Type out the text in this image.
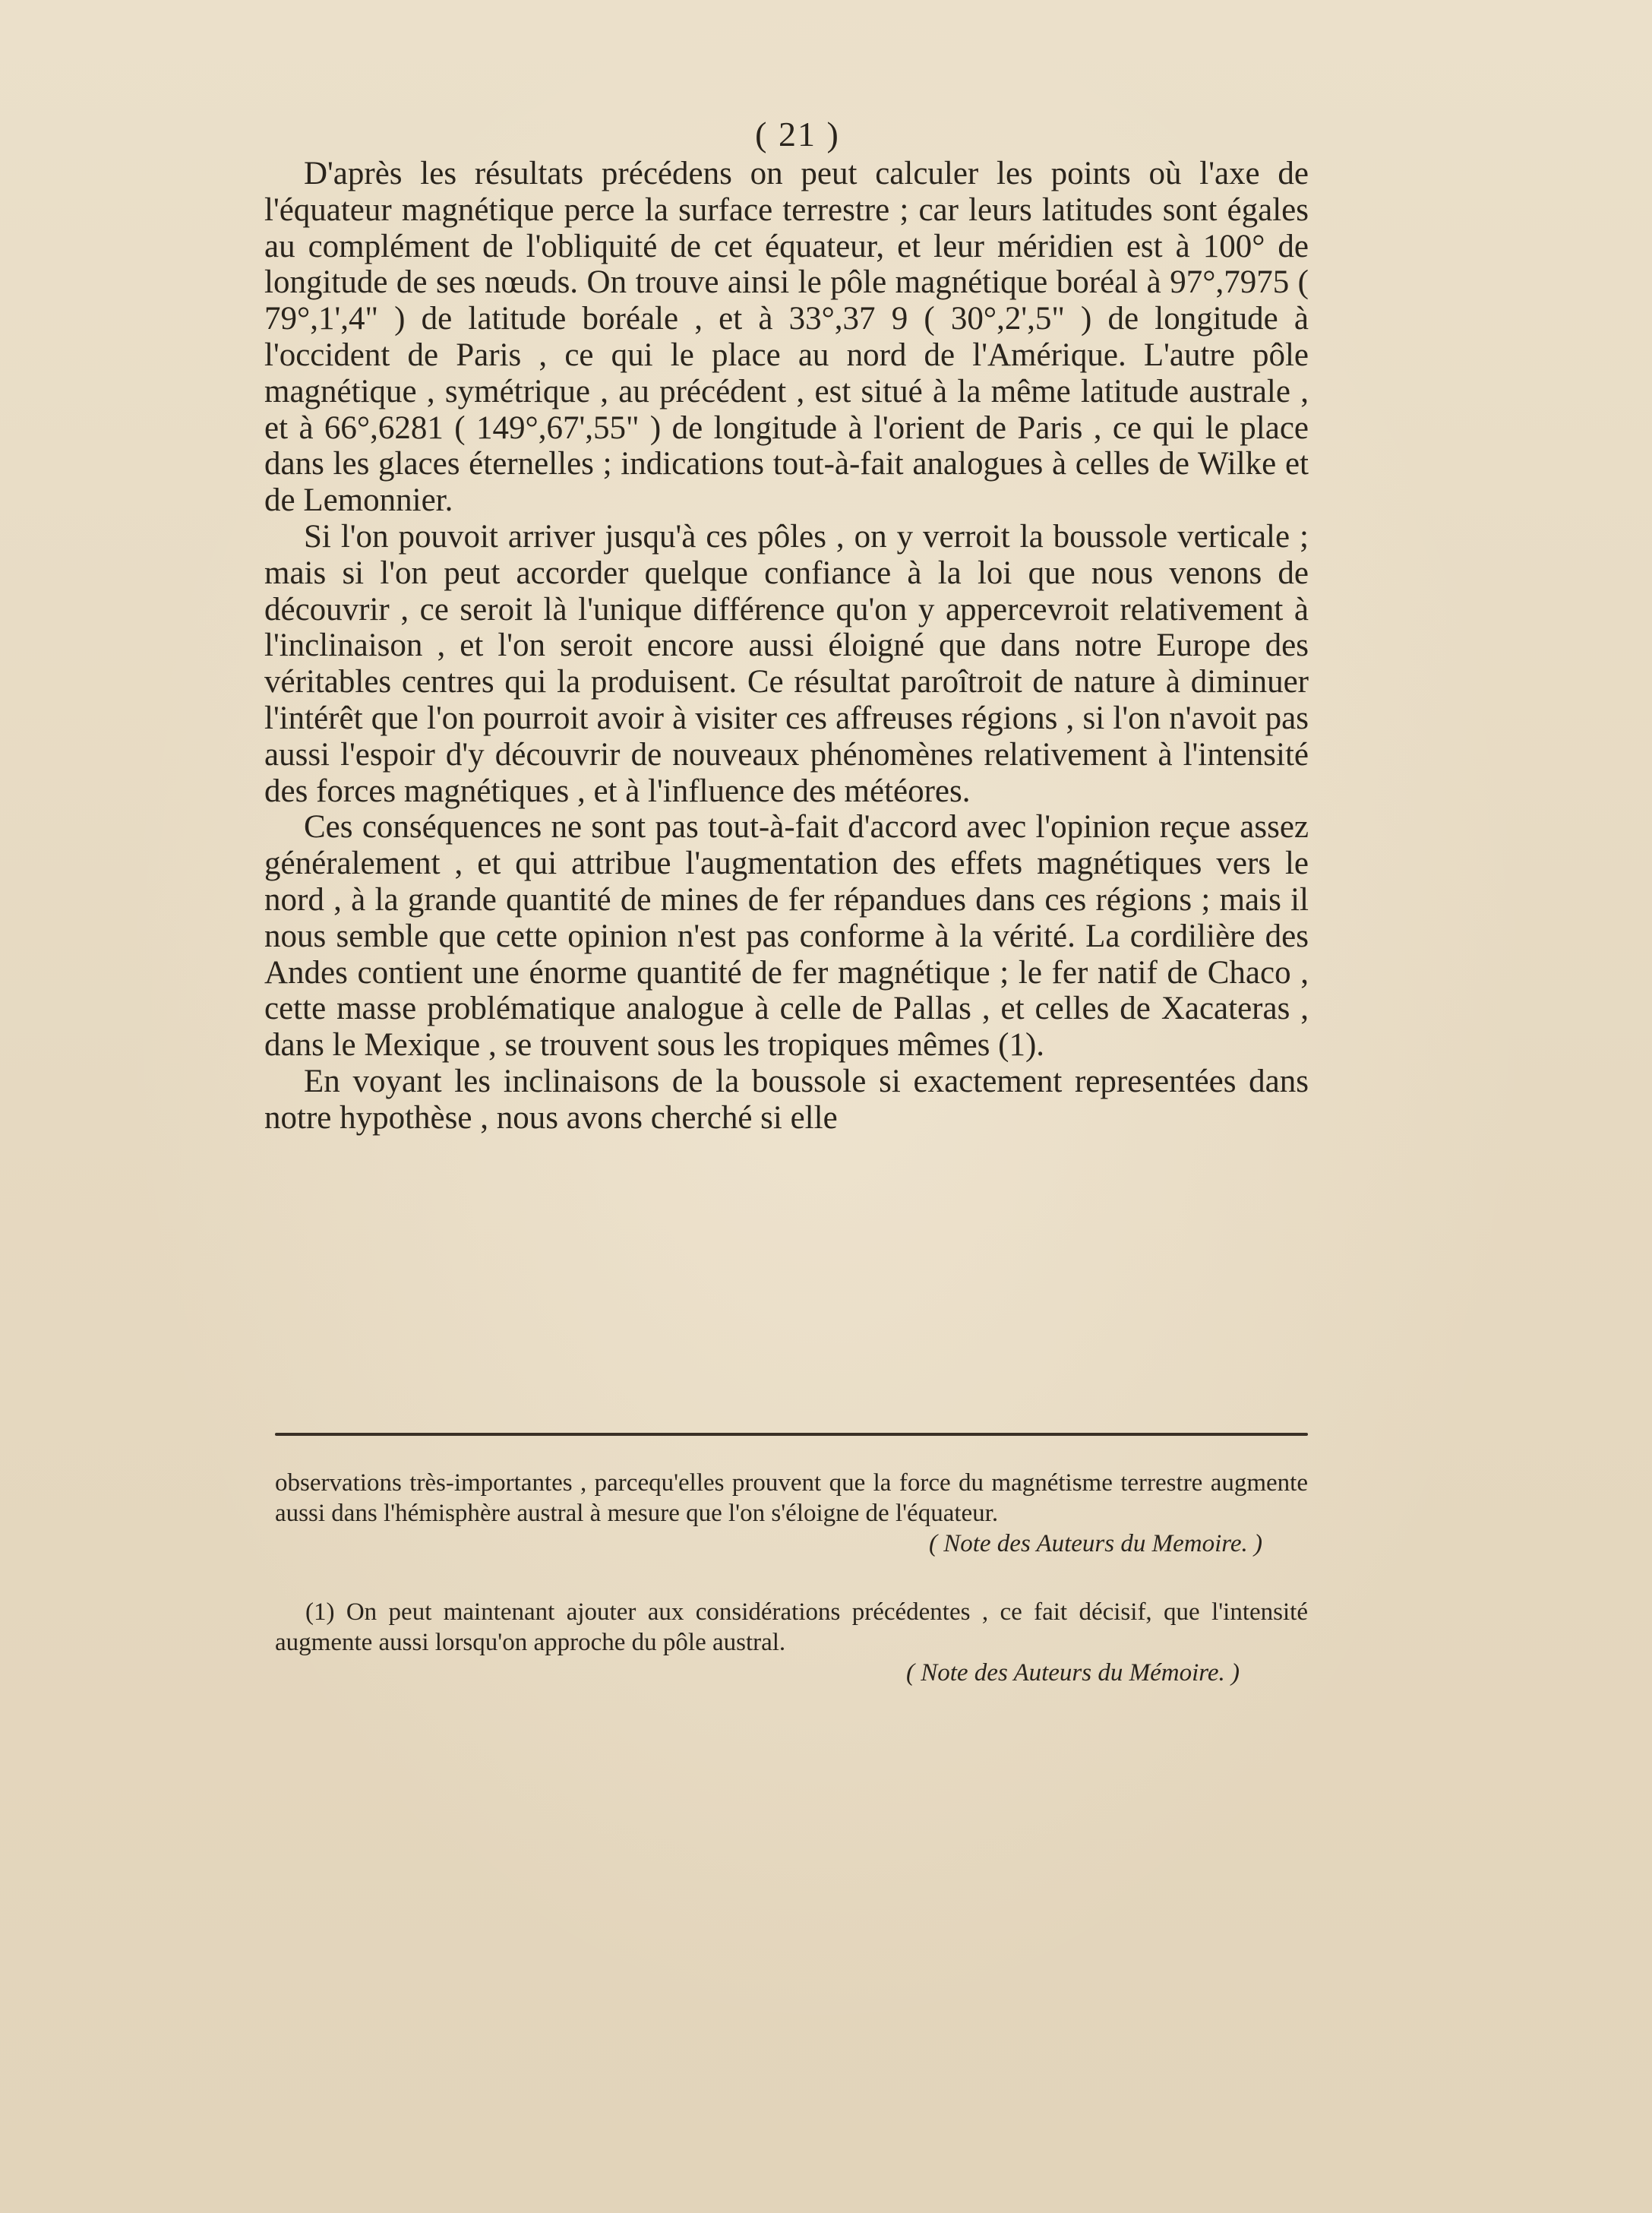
( 21 )

D'après les résultats précédens on peut calculer les points où l'axe de l'équateur magnétique perce la surface terrestre ; car leurs latitudes sont égales au complément de l'obliquité de cet équateur, et leur méridien est à 100° de longitude de ses nœuds. On trouve ainsi le pôle magnétique boréal à 97°,7975 ( 79°,1',4" ) de latitude boréale , et à 33°,37 9 ( 30°,2',5" ) de longitude à l'occident de Paris , ce qui le place au nord de l'Amérique. L'autre pôle magnétique , symétrique , au précédent , est situé à la même latitude australe , et à 66°,6281 ( 149°,67',55" ) de longitude à l'orient de Paris , ce qui le place dans les glaces éternelles ; indications tout-à-fait analogues à celles de Wilke et de Lemonnier.

Si l'on pouvoit arriver jusqu'à ces pôles , on y verroit la boussole verticale ; mais si l'on peut accorder quelque confiance à la loi que nous venons de découvrir , ce seroit là l'unique différence qu'on y appercevroit relativement à l'inclinaison , et l'on seroit encore aussi éloigné que dans notre Europe des véritables centres qui la produisent. Ce résultat paroîtroit de nature à diminuer l'intérêt que l'on pourroit avoir à visiter ces affreuses régions , si l'on n'avoit pas aussi l'espoir d'y découvrir de nouveaux phénomènes relativement à l'intensité des forces magnétiques , et à l'influence des météores.

Ces conséquences ne sont pas tout-à-fait d'accord avec l'opinion reçue assez généralement , et qui attribue l'augmentation des effets magnétiques vers le nord , à la grande quantité de mines de fer répandues dans ces régions ; mais il nous semble que cette opinion n'est pas conforme à la vérité. La cordilière des Andes contient une énorme quantité de fer magnétique ; le fer natif de Chaco , cette masse problématique analogue à celle de Pallas , et celles de Xacateras , dans le Mexique , se trouvent sous les tropiques mêmes (1).

En voyant les inclinaisons de la boussole si exactement representées dans notre hypothèse , nous avons cherché si elle

observations très-importantes , parcequ'elles prouvent que la force du magnétisme terrestre augmente aussi dans l'hémisphère austral à mesure que l'on s'éloigne de l'équateur.
( Note des Auteurs du Memoire. )

(1) On peut maintenant ajouter aux considérations précédentes , ce fait décisif, que l'intensité augmente aussi lorsqu'on approche du pôle austral.
( Note des Auteurs du Mémoire. )
